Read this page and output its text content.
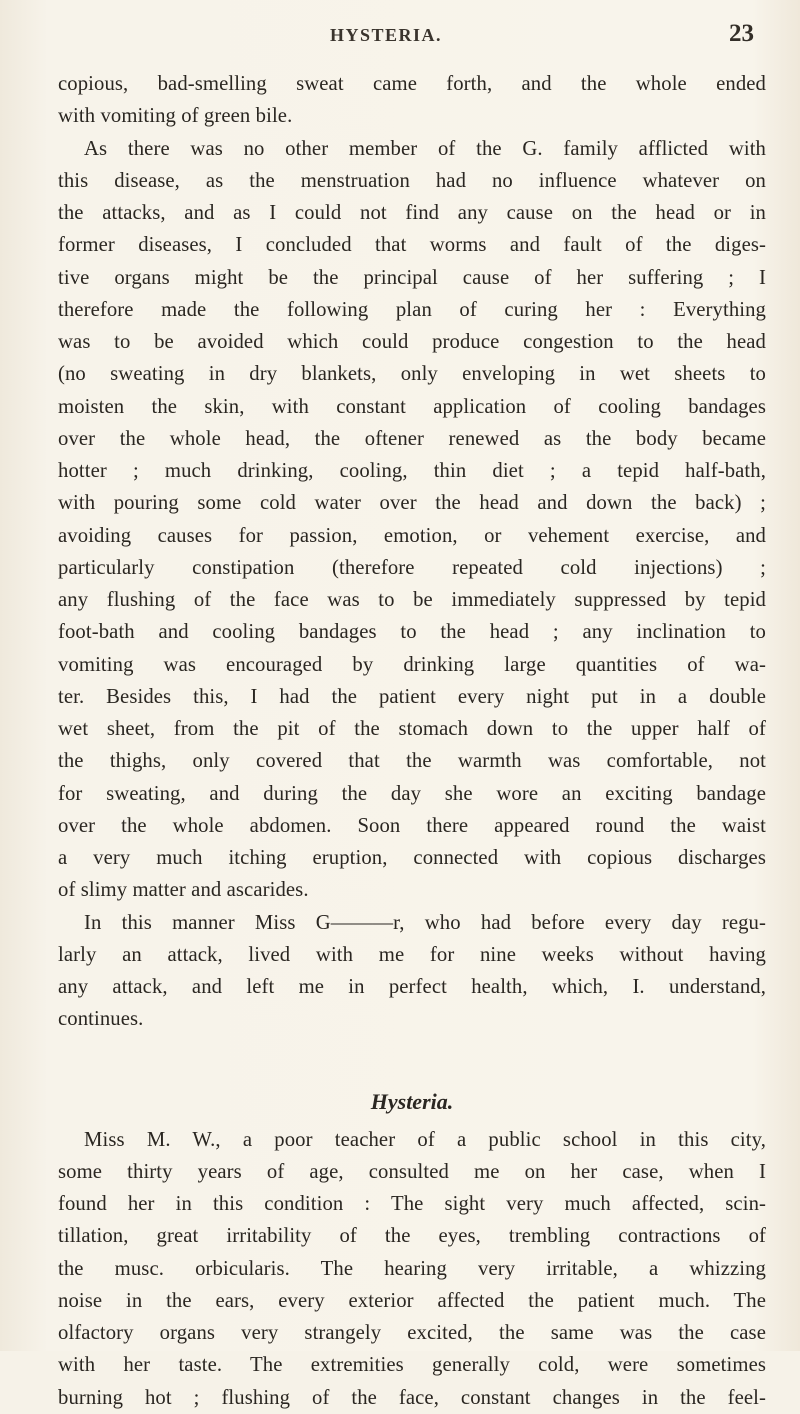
HYSTERIA.	23
copious, bad-smelling sweat came forth, and the whole ended
with vomiting of green bile.
As there was no other member of the G. family afflicted with
this disease, as the menstruation had no influence whatever on
the attacks, and as I could not find any cause on the head or in
former diseases, I concluded that worms and fault of the diges-
tive organs might be the principal cause of her suffering ; I
therefore made the following plan of curing her : Everything
was to be avoided which could produce congestion to the head
(no sweating in dry blankets, only enveloping in wet sheets to
moisten the skin, with constant application of cooling bandages
over the whole head, the oftener renewed as the body became
hotter ; much drinking, cooling, thin diet ; a tepid half-bath,
with pouring some cold water over the head and down the back) ;
avoiding causes for passion, emotion, or vehement exercise, and
particularly constipation (therefore repeated cold injections) ;
any flushing of the face was to be immediately suppressed by tepid
foot-bath and cooling bandages to the head ; any inclination to
vomiting was encouraged by drinking large quantities of wa-
ter. Besides this, I had the patient every night put in a double
wet sheet, from the pit of the stomach down to the upper half of
the thighs, only covered that the warmth was comfortable, not
for sweating, and during the day she wore an exciting bandage
over the whole abdomen. Soon there appeared round the waist
a very much itching eruption, connected with copious discharges
of slimy matter and ascarides.
In this manner Miss G———r, who had before every day regu-
larly an attack, lived with me for nine weeks without having
any attack, and left me in perfect health, which, I. understand,
continues.
Hysteria.
Miss M. W., a poor teacher of a public school in this city,
some thirty years of age, consulted me on her case, when I
found her in this condition : The sight very much affected, scin-
tillation, great irritability of the eyes, trembling contractions of
the musc. orbicularis. The hearing very irritable, a whizzing
noise in the ears, every exterior affected the patient much. The
olfactory organs very strangely excited, the same was the case
with her taste. The extremities generally cold, were sometimes
burning hot ; flushing of the face, constant changes in the feel-
